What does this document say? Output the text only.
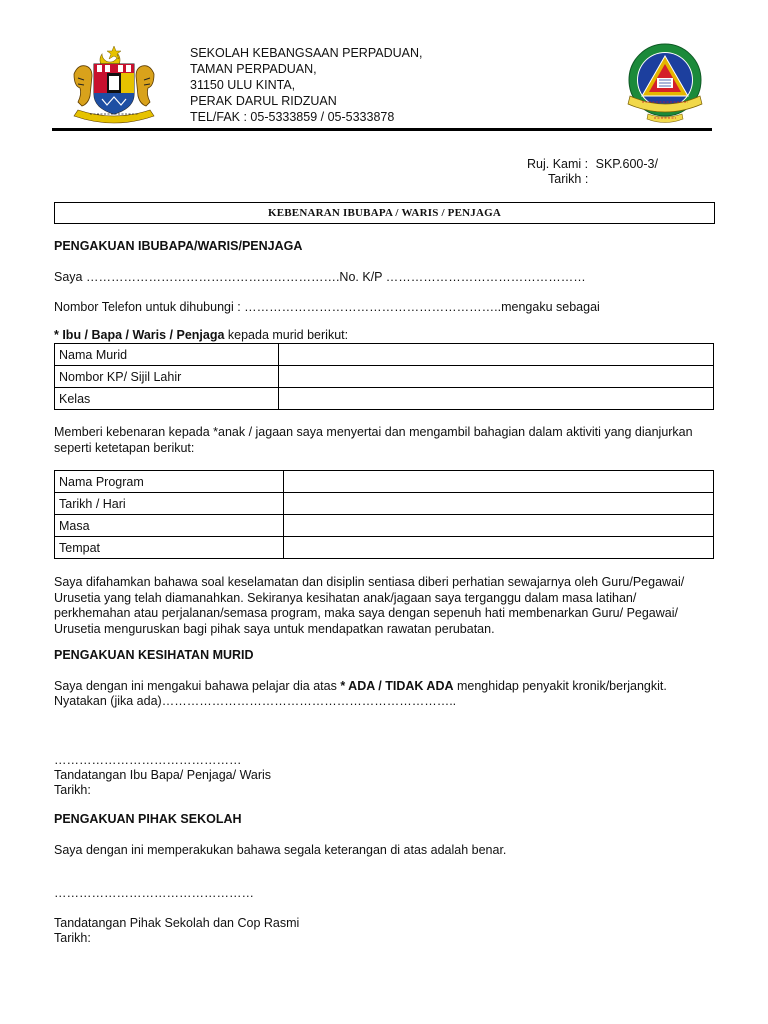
SEKOLAH KEBANGSAAN PERPADUAN,
TAMAN PERPADUAN,
31150 ULU KINTA,
PERAK DARUL RIDZUAN
TEL/FAK : 05-5333859 / 05-5333878
Ruj. Kami : SKP.600-3/
Tarikh :
KEBENARAN IBUBAPA / WARIS / PENJAGA
PENGAKUAN IBUBAPA/WARIS/PENJAGA
Saya …………………………………………………….No. K/P …………………………………………
Nombor Telefon untuk dihubungi : ……………………………………………………..mengaku sebagai
* Ibu / Bapa / Waris / Penjaga kepada murid berikut:
Nama Murid	
Nombor KP/ Sijil Lahir	
Kelas	
Memberi kebenaran kepada *anak / jagaan saya menyertai dan mengambil bahagian dalam aktiviti yang dianjurkan seperti ketetapan berikut:
Nama Program	
Tarikh / Hari	
Masa	
Tempat	
Saya difahamkan bahawa soal keselamatan dan disiplin sentiasa diberi perhatian sewajarnya oleh Guru/Pegawai/ Urusetia yang telah diamanahkan. Sekiranya kesihatan anak/jagaan saya terganggu dalam masa latihan/ perkhemahan atau perjalanan/semasa program, maka saya dengan sepenuh hati membenarkan Guru/ Pegawai/ Urusetia menguruskan bagi pihak saya untuk mendapatkan rawatan perubatan.
PENGAKUAN KESIHATAN MURID
Saya dengan ini mengakui bahawa pelajar dia atas * ADA / TIDAK ADA menghidap penyakit kronik/berjangkit.
Nyatakan (jika ada)……………………………………………………………..
………………………………………
Tandatangan Ibu Bapa/ Penjaga/ Waris
Tarikh:
PENGAKUAN PIHAK SEKOLAH
Saya dengan ini memperakukan bahawa segala keterangan di atas adalah benar.
…………………………………………
Tandatangan Pihak Sekolah dan Cop Rasmi
Tarikh:
